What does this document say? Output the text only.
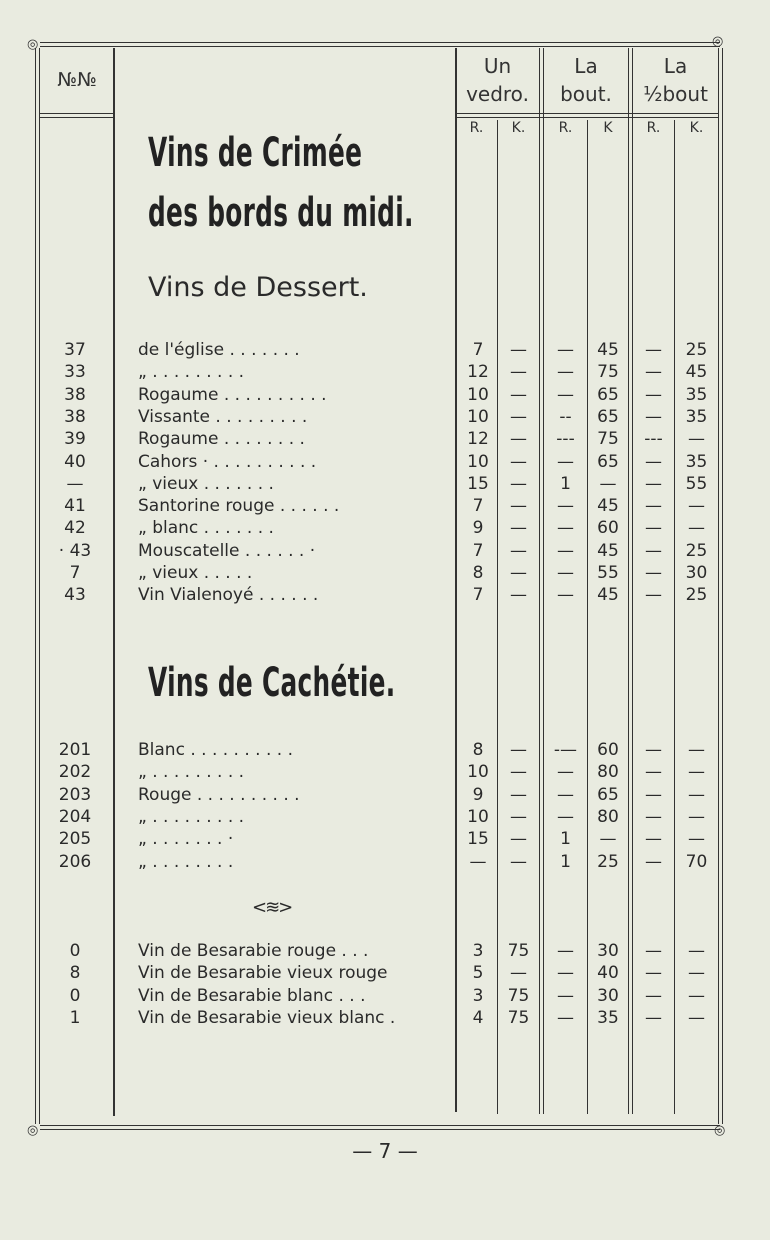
◎	◎
◎	◎
№№
Un
vedro.
La
bout.
La
½bout
R.	K.	R.	K	R.	K.
Vins de Crimée
des bords du midi.
Vins de Dessert.
Vins de Cachétie.
37	de l'église . . . . . . .	7	—	—	45	—	25
33	„ . . . . . . . . .	12	—	—	75	—	45
38	Rogaume . . . . . . . . . .	10	—	—	65	—	35
38	Vissante . . . . . . . . .	10	—	--	65	—	35
39	Rogaume . . . . . . . .	12	—	---	75	---	—
40	Cahors · . . . . . . . . . .	10	—	—	65	—	35
—	„ vieux . . . . . . .	15	—	1	—	—	55
41	Santorine rouge . . . . . .	7	—	—	45	—	—
42	„ blanc . . . . . . .	9	—	—	60	—	—
· 43	Mouscatelle . . . . . . ·	7	—	—	45	—	25
7	„ vieux . . . . .	8	—	—	55	—	30
43	Vin Vialenoyé . . . . . .	7	—	—	45	—	25
201	Blanc . . . . . . . . . .	8	—	-—	60	—	—
202	„ . . . . . . . . .	10	—	—	80	—	—
203	Rouge . . . . . . . . . .	9	—	—	65	—	—
204	„ . . . . . . . . .	10	—	—	80	—	—
205	„ . . . . . . . ·	15	—	1	—	—	—
206	„ . . . . . . . .	—	—	1	25	—	70
0	Vin de Besarabie rouge . . .	3	75	—	30	—	—
8	Vin de Besarabie vieux rouge	5	—	—	40	—	—
0	Vin de Besarabie blanc . . .	3	75	—	30	—	—
1	Vin de Besarabie vieux blanc .	4	75	—	35	—	—
<≋>
— 7 —
